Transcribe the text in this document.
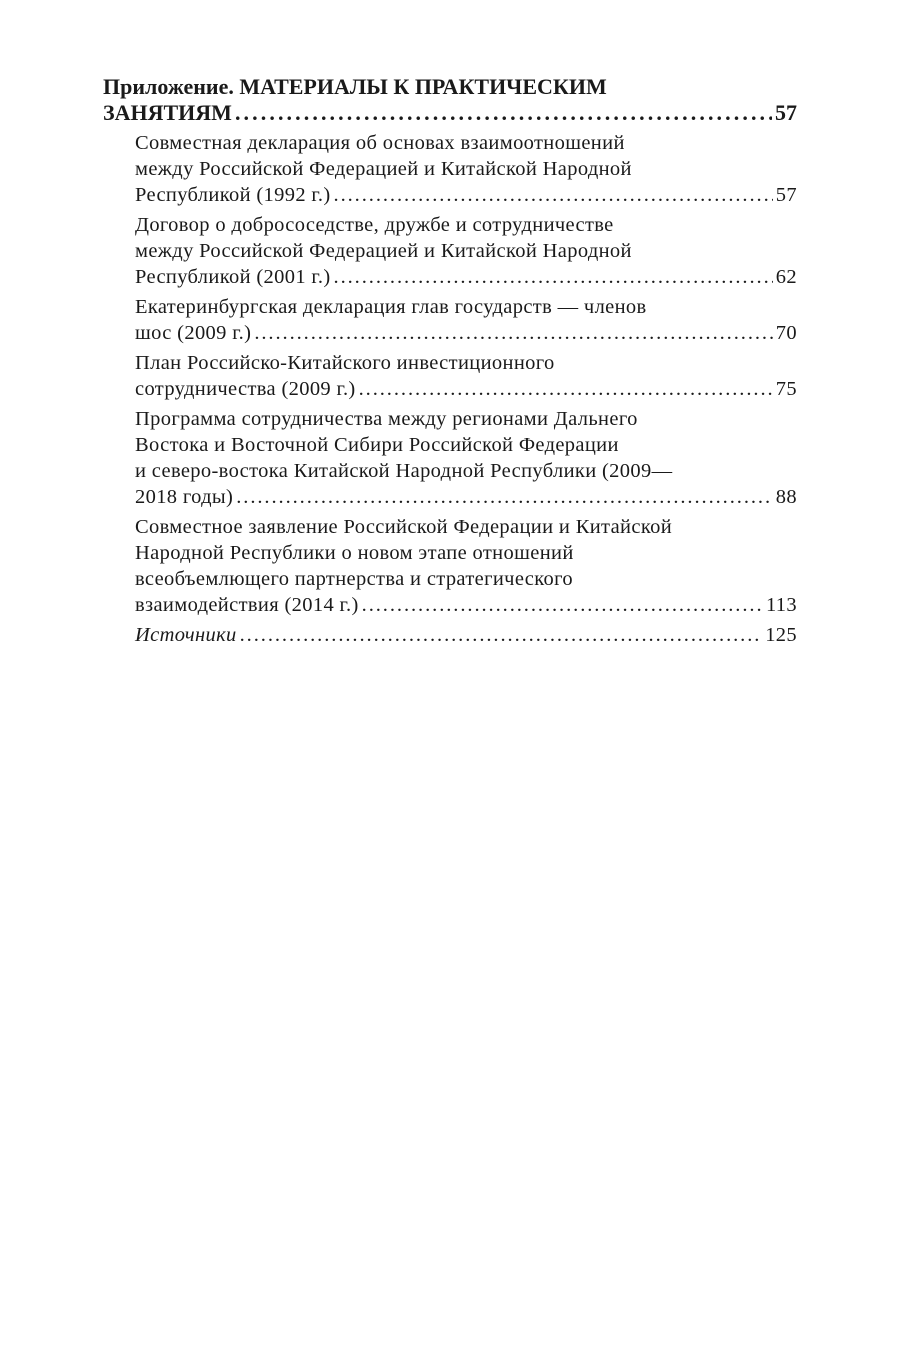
Приложение. МАТЕРИАЛЫ К ПРАКТИЧЕСКИМ
ЗАНЯТИЯМ . . .	57
Совместная декларация об основах взаимоотношений
между Российской Федерацией и Китайской Народной
Республикой (1992 г.) . . .	57
Договор о добрососедстве, дружбе и сотрудничестве
между Российской Федерацией и Китайской Народной
Республикой (2001 г.) . . .	62
Екатеринбургская декларация глав государств — членов
шос (2009 г.) . . .	70
План Российско-Китайского инвестиционного
сотрудничества (2009 г.) . . .	75
Программа сотрудничества между регионами Дальнего
Востока и Восточной Сибири Российской Федерации
и северо-востока Китайской Народной Республики (2009—
2018 годы) . . .	88
Совместное заявление Российской Федерации и Китайской
Народной Республики о новом этапе отношений
всеобъемлющего партнерства и стратегического
взаимодействия (2014 г.) . . .	113
Источники . . .	125
